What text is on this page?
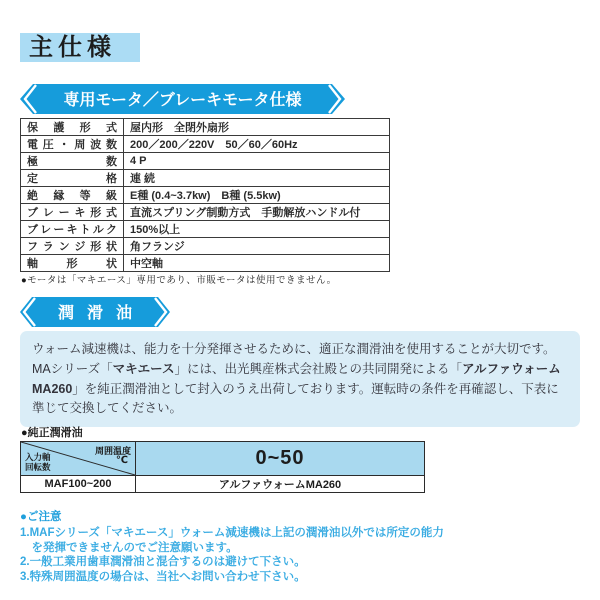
主仕様
専用モータ／ブレーキモータ仕様
保 護 形 式	屋内形　全閉外扇形

電 圧 ・ 周 波 数	200／200／220V　50／60／60Hz

極 数	4 P

定 格	連 続

絶 縁 等 級	E種 (0.4~3.7kw)　B種 (5.5kw)

ブ レ ー キ 形 式	直流スプリング制動方式　手動解放ハンドル付

ブ レ ー キ ト ル ク	150%以上

フ ラ ン ジ 形 状	角フランジ

軸 形 状	中空軸
●モータは「マキエース」専用であり、市販モータは使用できません。
潤滑油
ウォーム減速機は、能力を十分発揮させるために、適正な潤滑油を使用することが大切です。
MAシリーズ「マキエース」には、出光興産株式会社殿との共同開発による「アルファウォームMA260」を純正潤滑油として封入のうえ出荷しております。運転時の条件を再確認し、下表に準じて交換してください。
●純正潤滑油
周囲温度
℃
入力軸
回転数	0~50
MAF100~200	アルファウォームMA260
●ご注意
1.MAFシリーズ「マキエース」ウォーム減速機は上記の潤滑油以外では所定の能力
　を発揮できませんのでご注意願います。
2.一般工業用歯車潤滑油と混合するのは避けて下さい。
3.特殊周囲温度の場合は、当社へお問い合わせ下さい。
